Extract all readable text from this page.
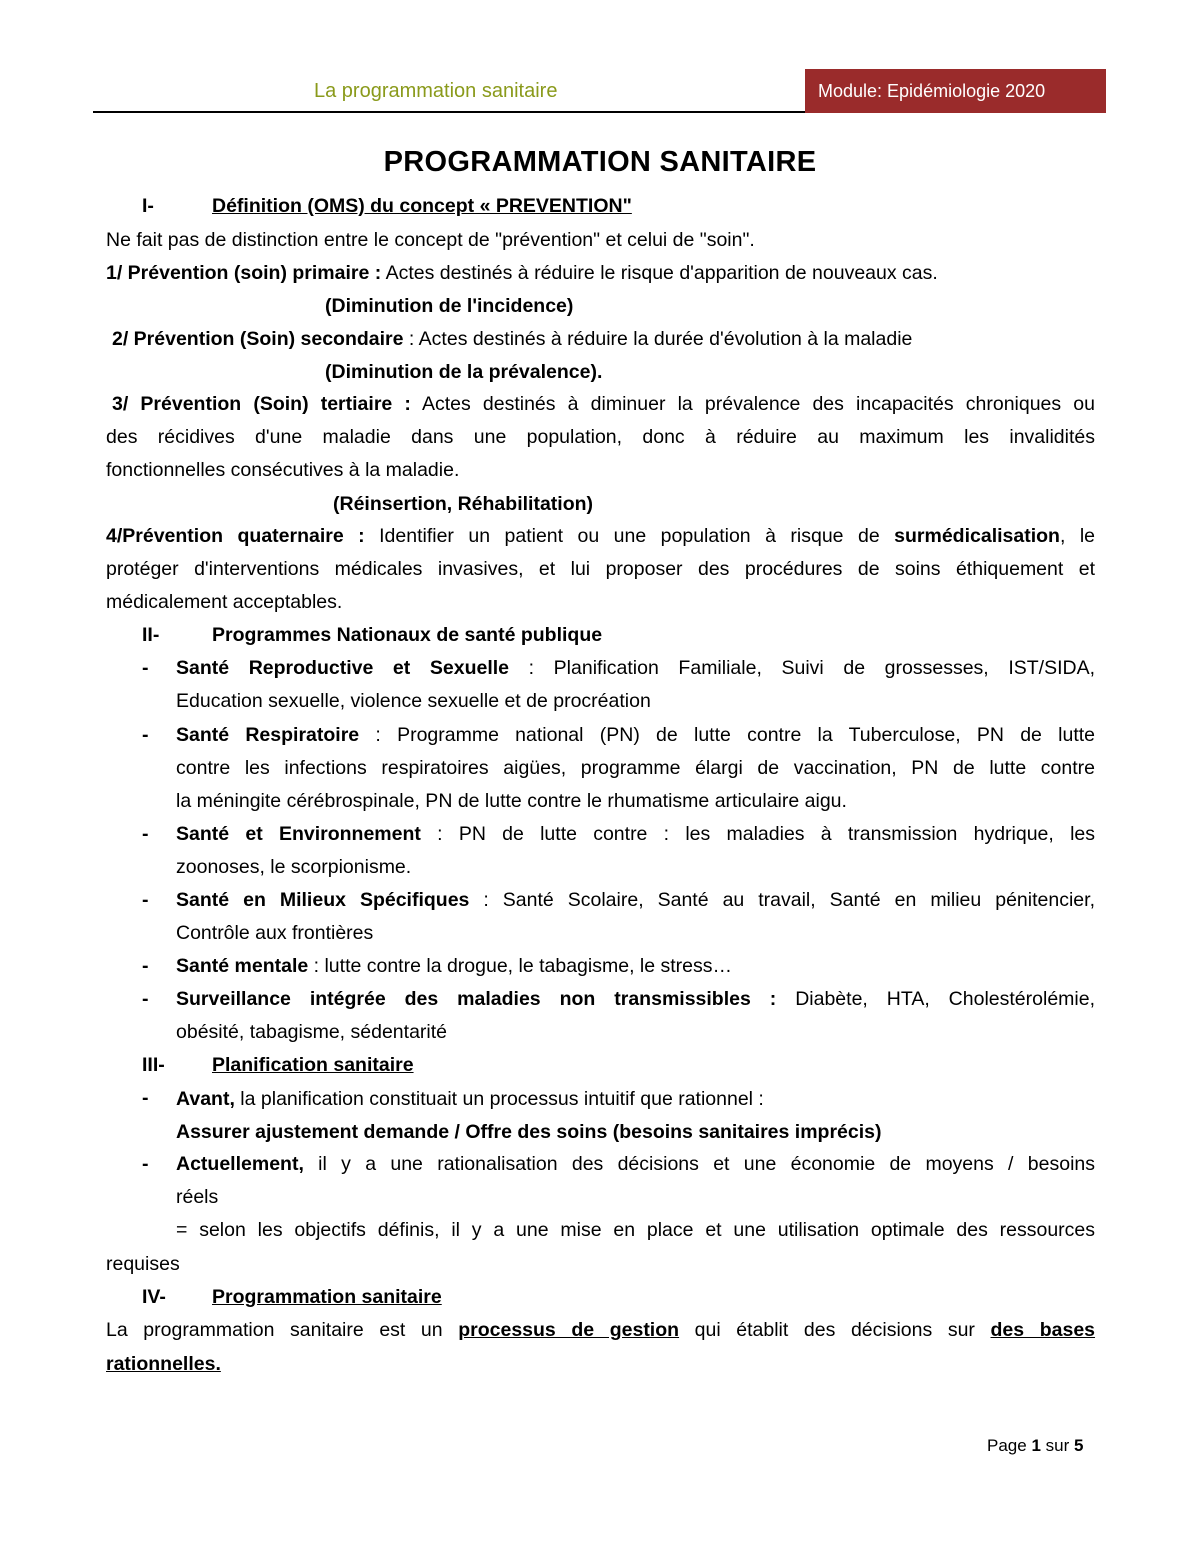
La programmation sanitaire	Module: Epidémiologie 2020
PROGRAMMATION SANITAIRE
I-	Définition (OMS) du concept « PREVENTION"
Ne fait pas de distinction entre le concept de "prévention" et celui de "soin".
1/ Prévention (soin) primaire : Actes destinés à réduire le risque d'apparition de nouveaux cas.
(Diminution de l'incidence)
2/ Prévention (Soin) secondaire : Actes destinés à réduire la durée d'évolution à la maladie
(Diminution de la prévalence).
3/ Prévention (Soin) tertiaire : Actes destinés à diminuer la prévalence des incapacités chroniques ou
des récidives d'une maladie dans une population, donc à réduire au maximum les invalidités
fonctionnelles consécutives à la maladie.
(Réinsertion, Réhabilitation)
4/Prévention quaternaire : Identifier un patient ou une population à risque de surmédicalisation, le
protéger d'interventions médicales invasives, et lui proposer des procédures de soins éthiquement et
médicalement acceptables.
II-	Programmes Nationaux de santé publique
- Santé Reproductive et Sexuelle : Planification Familiale, Suivi de grossesses, IST/SIDA,
Education sexuelle, violence sexuelle et de procréation
- Santé Respiratoire : Programme national (PN) de lutte contre la Tuberculose, PN de lutte
contre les infections respiratoires aigües, programme élargi de vaccination, PN de lutte contre
la méningite cérébrospinale, PN de lutte contre le rhumatisme articulaire aigu.
- Santé et Environnement : PN de lutte contre : les maladies à transmission hydrique, les
zoonoses, le scorpionisme.
- Santé en Milieux Spécifiques : Santé Scolaire, Santé au travail, Santé en milieu pénitencier,
Contrôle aux frontières
- Santé mentale : lutte contre la drogue, le tabagisme, le stress…
- Surveillance intégrée des maladies non transmissibles : Diabète, HTA, Cholestérolémie,
obésité, tabagisme, sédentarité
III- Planification sanitaire
- Avant, la planification constituait un processus intuitif que rationnel :
Assurer ajustement demande / Offre des soins (besoins sanitaires imprécis)
- Actuellement, il y a une rationalisation des décisions et une économie de moyens / besoins
réels
= selon les objectifs définis, il y a une mise en place et une utilisation optimale des ressources
requises
IV- Programmation sanitaire
La programmation sanitaire est un processus de gestion qui établit des décisions sur des bases
rationnelles.
Page 1 sur 5
